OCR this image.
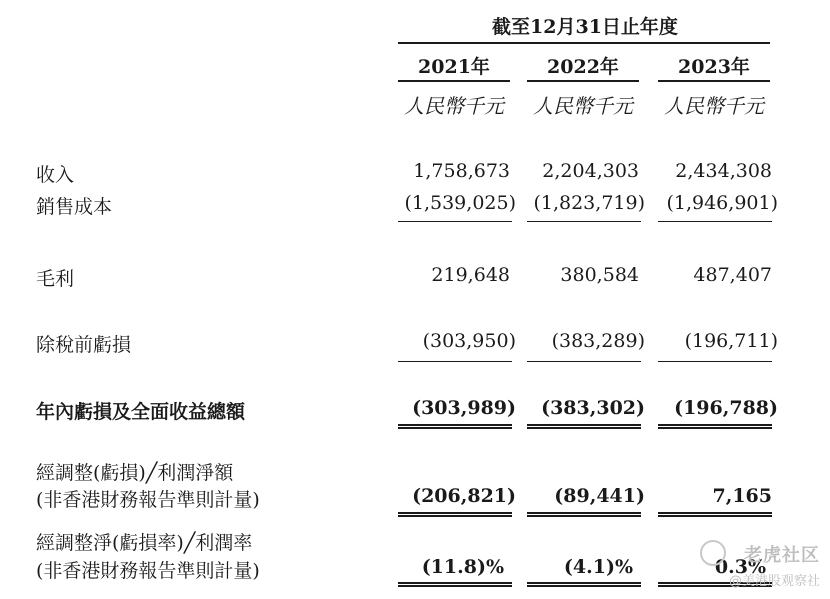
截至12月31日止年度
2021年	2022年	2023年
人民幣千元	人民幣千元	人民幣千元
收入	1,758,673	2,204,303	2,434,308
銷售成本	(1,539,025) (1,823,719)	(1,946,901)
毛利	219,648	380,584	487,407
除稅前虧損	(303,950)	(383,289)	(196,711)
年內虧損及全面收益總額	(303,989)	(383,302)	(196,788)
經調整(虧損)╱利潤淨額
(非香港財務報告準則計量)	(206,821)	(89,441)	7,165
經調整淨(虧損率)╱利潤率
(非香港財務報告準則計量)	(11.8)%	(4.1)%	0.3%
老虎社区
@美港股观察社
